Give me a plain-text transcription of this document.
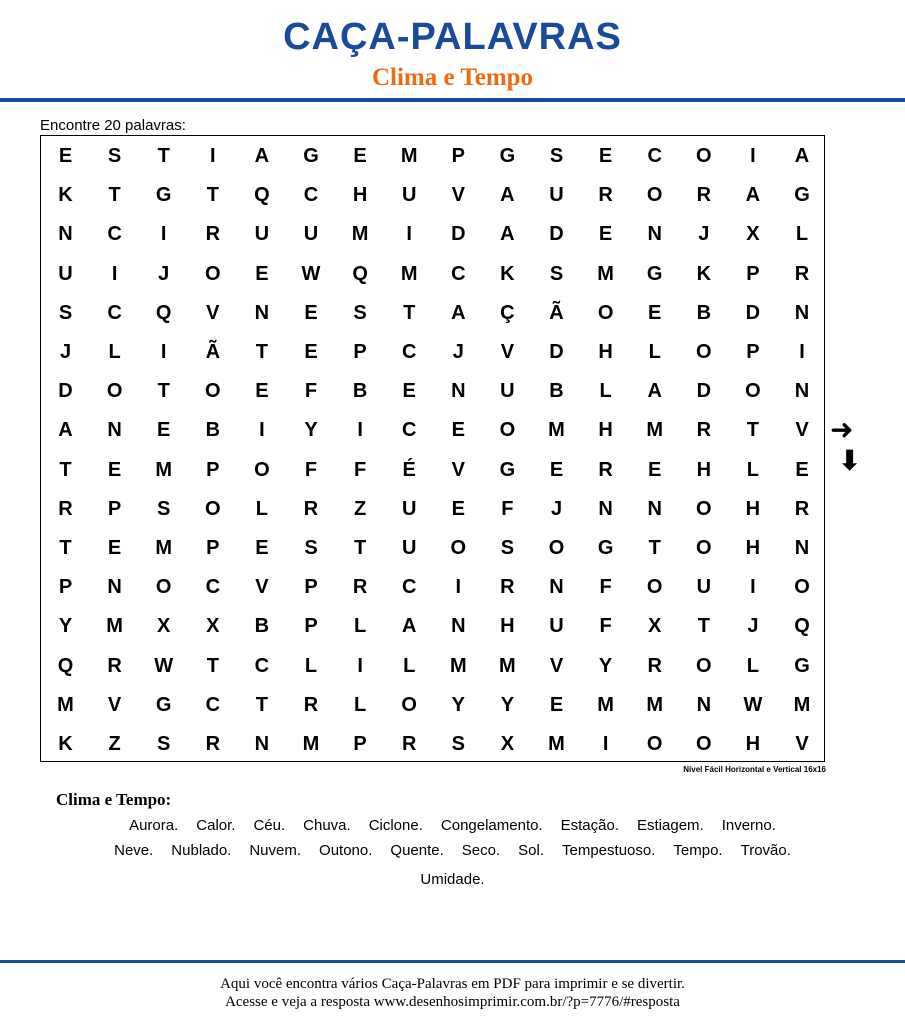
CAÇA-PALAVRAS
Clima e Tempo
Encontre 20 palavras:
E	S	T	I	A	G	E	M	P	G	S	E	C	O	I	A
K	T	G	T	Q	C	H	U	V	A	U	R	O	R	A	G
N	C	I	R	U	U	M	I	D	A	D	E	N	J	X	L
U	I	J	O	E	W	Q	M	C	K	S	M	G	K	P	R
S	C	Q	V	N	E	S	T	A	Ç	Ã	O	E	B	D	N
J	L	I	Ã	T	E	P	C	J	V	D	H	L	O	P	I
D	O	T	O	E	F	B	E	N	U	B	L	A	D	O	N
A	N	E	B	I	Y	I	C	E	O	M	H	M	R	T	V
T	E	M	P	O	F	F	É	V	G	E	R	E	H	L	E
R	P	S	O	L	R	Z	U	E	F	J	N	N	O	H	R
T	E	M	P	E	S	T	U	O	S	O	G	T	O	H	N
P	N	O	C	V	P	R	C	I	R	N	F	O	U	I	O
Y	M	X	X	B	P	L	A	N	H	U	F	X	T	J	Q
Q	R	W	T	C	L	I	L	M	M	V	Y	R	O	L	G
M	V	G	C	T	R	L	O	Y	Y	E	M	M	N	W	M
K	Z	S	R	N	M	P	R	S	X	M	I	O	O	H	V
Nível Fácil Horizontal e Vertical 16x16
➜
⬇
Clima e Tempo:
Aurora. Calor. Céu. Chuva. Ciclone. Congelamento. Estação. Estiagem. Inverno.
Neve. Nublado. Nuvem. Outono. Quente. Seco. Sol. Tempestuoso. Tempo. Trovão.
Umidade.
Aqui você encontra vários Caça-Palavras em PDF para imprimir e se divertir.
Acesse e veja a resposta www.desenhosimprimir.com.br/?p=7776/#resposta
